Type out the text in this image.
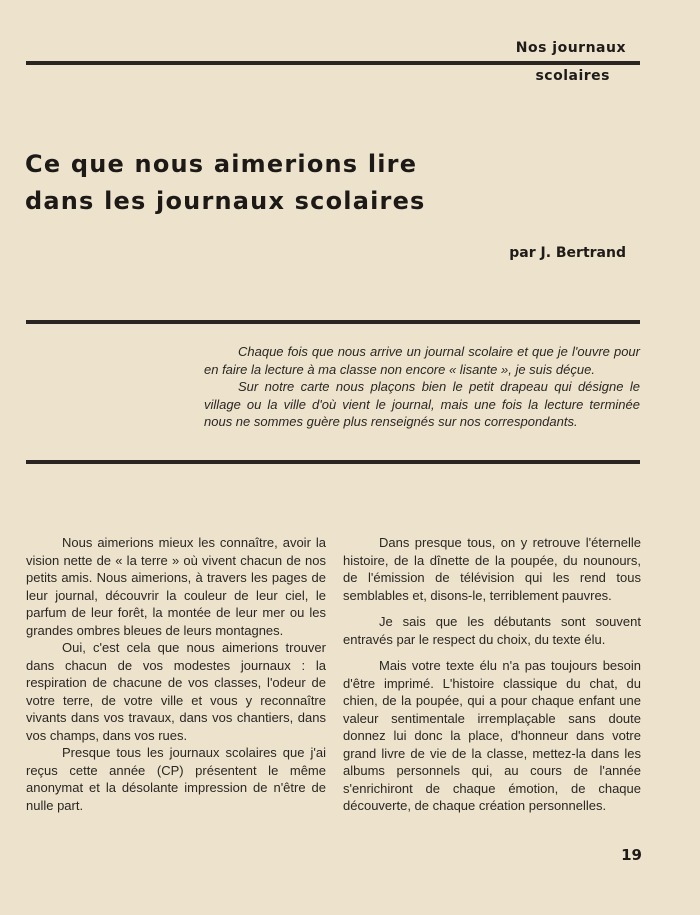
Nos journaux
scolaires
Ce que nous aimerions lire
dans les journaux scolaires
par J. Bertrand

Chaque fois que nous arrive un journal scolaire et que je l'ouvre pour en faire la lecture à ma classe non encore « lisante », je suis déçue.

Sur notre carte nous plaçons bien le petit drapeau qui désigne le village ou la ville d'où vient le journal, mais une fois la lecture terminée nous ne sommes guère plus renseignés sur nos correspondants.

Nous aimerions mieux les connaître, avoir la vision nette de « la terre » où vivent chacun de nos petits amis. Nous aimerions, à travers les pages de leur journal, découvrir la couleur de leur ciel, le parfum de leur forêt, la montée de leur mer ou les grandes ombres bleues de leurs montagnes.

Oui, c'est cela que nous aimerions trouver dans chacun de vos modestes journaux : la respiration de chacune de vos classes, l'odeur de votre terre, de votre ville et vous y reconnaître vivants dans vos travaux, dans vos chantiers, dans vos champs, dans vos rues.

Presque tous les journaux scolaires que j'ai reçus cette année (CP) présentent le même anonymat et la désolante impression de n'être de nulle part.

Dans presque tous, on y retrouve l'éternelle histoire, de la dînette de la poupée, du nounours, de l'émission de télévision qui les rend tous semblables et, disons-le, terriblement pauvres.

Je sais que les débutants sont souvent entravés par le respect du choix, du texte élu.

Mais votre texte élu n'a pas toujours besoin d'être imprimé. L'histoire classique du chat, du chien, de la poupée, qui a pour chaque enfant une valeur sentimentale irremplaçable sans doute donnez lui donc la place, d'honneur dans votre grand livre de vie de la classe, mettez-la dans les albums personnels qui, au cours de l'année s'enrichiront de chaque émotion, de chaque découverte, de chaque création personnelles.

19
